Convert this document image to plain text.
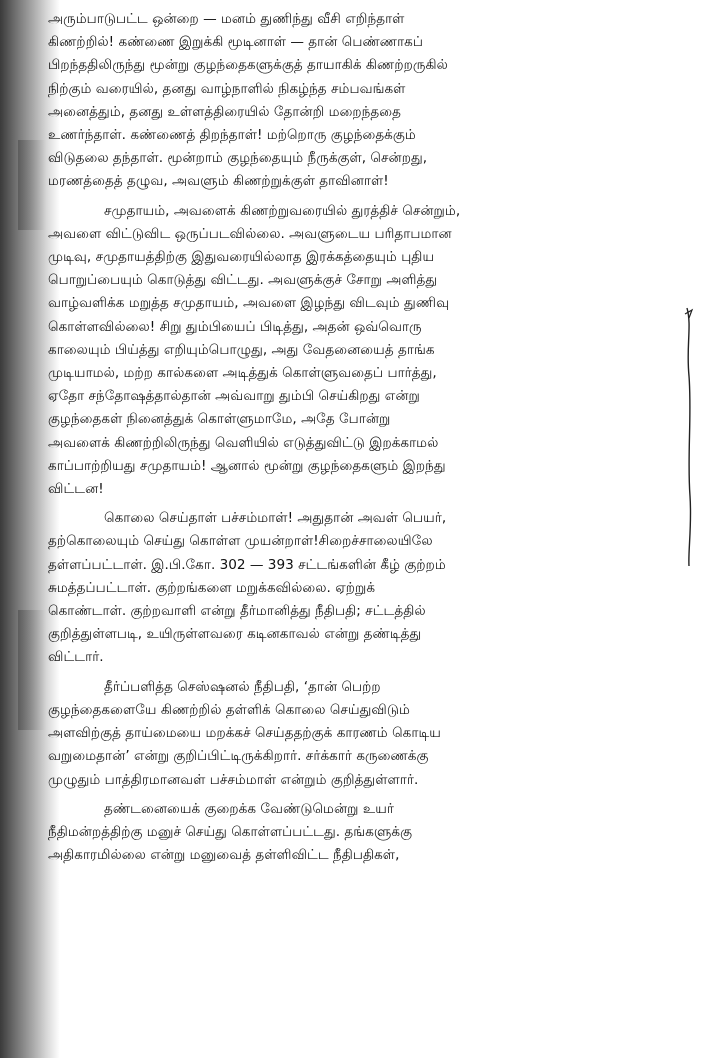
அரும்பாடுபட்ட ஒன்றை — மனம் துணிந்து வீசி எறிந்தாள்
கிணற்றில்! கண்ணை இறுக்கி மூடினாள் — தான் பெண்ணாகப்
பிறந்ததிலிருந்து மூன்று குழந்தைகளுக்குத் தாயாகிக் கிணற்றருகில்
நிற்கும் வரையில், தனது வாழ்நாளில் நிகழ்ந்த சம்பவங்கள்
அனைத்தும், தனது உள்ளத்திரையில் தோன்றி மறைந்ததை
உணர்ந்தாள். கண்ணைத் திறந்தாள்! மற்றொரு குழந்தைக்கும்
விடுதலை தந்தாள். மூன்றாம் குழந்தையும் நீருக்குள், சென்றது,
மரணத்தைத் தழுவ, அவளும் கிணற்றுக்குள் தாவினாள்!
சமுதாயம், அவளைக் கிணற்றுவரையில் துரத்திச் சென்றும்,
அவளை விட்டுவிட ஒருப்படவில்லை. அவளுடைய பரிதாபமான
முடிவு, சமுதாயத்திற்கு இதுவரையில்லாத இரக்கத்தையும் புதிய
பொறுப்பையும் கொடுத்து விட்டது. அவளுக்குச் சோறு அளித்து
வாழ்வளிக்க மறுத்த சமுதாயம், அவளை இழந்து விடவும் துணிவு
கொள்ளவில்லை! சிறு தும்பியைப் பிடித்து, அதன் ஒவ்வொரு
காலையும் பிய்த்து எறியும்பொழுது, அது வேதனையைத் தாங்க
முடியாமல், மற்ற கால்களை அடித்துக் கொள்ளுவதைப் பார்த்து,
ஏதோ சந்தோஷத்தால்தான் அவ்வாறு தும்பி செய்கிறது என்று
குழந்தைகள் நினைத்துக் கொள்ளுமாமே, அதே போன்று
அவளைக் கிணற்றிலிருந்து வெளியில் எடுத்துவிட்டு இறக்காமல்
காப்பாற்றியது சமுதாயம்! ஆனால் மூன்று குழந்தைகளும் இறந்து
விட்டன!
கொலை செய்தாள் பச்சம்மாள்! அதுதான் அவள் பெயர்,
தற்கொலையும் செய்து கொள்ள முயன்றாள்!சிறைச்சாலையிலே
தள்ளப்பட்டாள். இ.பி.கோ. 302 — 393 சட்டங்களின் கீழ் குற்றம்
சுமத்தப்பட்டாள். குற்றங்களை மறுக்கவில்லை. ஏற்றுக்
கொண்டாள். குற்றவாளி என்று தீர்மானித்து நீதிபதி; சட்டத்தில்
குறித்துள்ளபடி, உயிருள்ளவரை கடினகாவல் என்று தண்டித்து
விட்டார்.
தீர்ப்பளித்த செஸ்ஷனல் நீதிபதி, ‘தான் பெற்ற
குழந்தைகளையே கிணற்றில் தள்ளிக் கொலை செய்துவிடும்
அளவிற்குத் தாய்மையை மறக்கச் செய்ததற்குக் காரணம் கொடிய
வறுமைதான்’ என்று குறிப்பிட்டிருக்கிறார். சர்க்கார் கருணைக்கு
முழுதும் பாத்திரமானவள் பச்சம்மாள் என்றும் குறித்துள்ளார்.
தண்டனையைக் குறைக்க வேண்டுமென்று உயர்
நீதிமன்றத்திற்கு மனுச் செய்து கொள்ளப்பட்டது. தங்களுக்கு
அதிகாரமில்லை என்று மனுவைத் தள்ளிவிட்ட நீதிபதிகள்,
